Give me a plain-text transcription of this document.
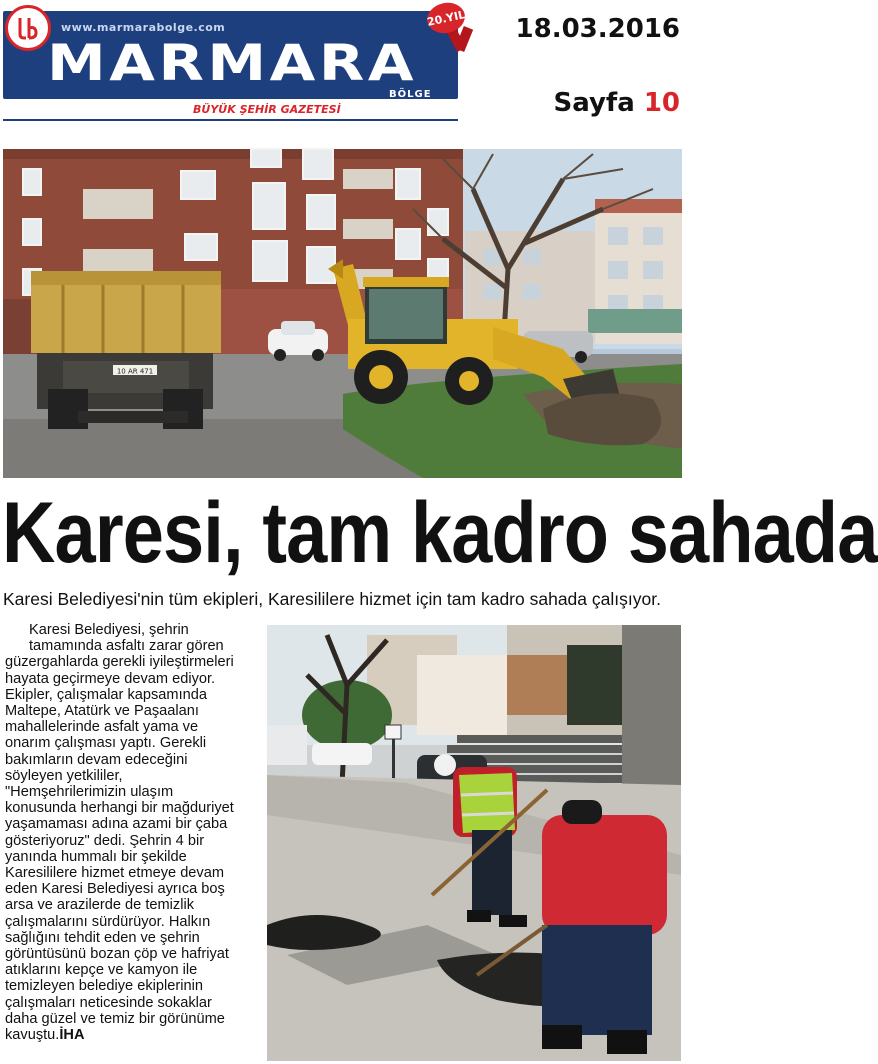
www.marmarabolge.com
MARMARA
BÖLGE
20.YIL
BÜYÜK ŞEHİR GAZETESİ
18.03.2016
Sayfa 10
10 AR 471
Karesi, tam kadro sahada
Karesi Belediyesi'nin tüm ekipleri, Karesililere hizmet için tam kadro sahada çalışıyor.
Karesi Belediyesi, şehrin
tamamında asfaltı zarar gören
güzergahlarda gerekli iyileştirmeleri
hayata geçirmeye devam ediyor.
Ekipler, çalışmalar kapsamında
Maltepe, Atatürk ve Paşaalanı
mahallelerinde asfalt yama ve
onarım çalışması yaptı. Gerekli
bakımların devam edeceğini
söyleyen yetkililer,
"Hemşehrilerimizin ulaşım
konusunda herhangi bir mağduriyet
yaşamaması adına azami bir çaba
gösteriyoruz" dedi. Şehrin 4 bir
yanında hummalı bir şekilde
Karesililere hizmet etmeye devam
eden Karesi Belediyesi ayrıca boş
arsa ve arazilerde de temizlik
çalışmalarını sürdürüyor. Halkın
sağlığını tehdit eden ve şehrin
görüntüsünü bozan çöp ve hafriyat
atıklarını kepçe ve kamyon ile
temizleyen belediye ekiplerinin
çalışmaları neticesinde sokaklar
daha güzel ve temiz bir görünüme
kavuştu.İHA
